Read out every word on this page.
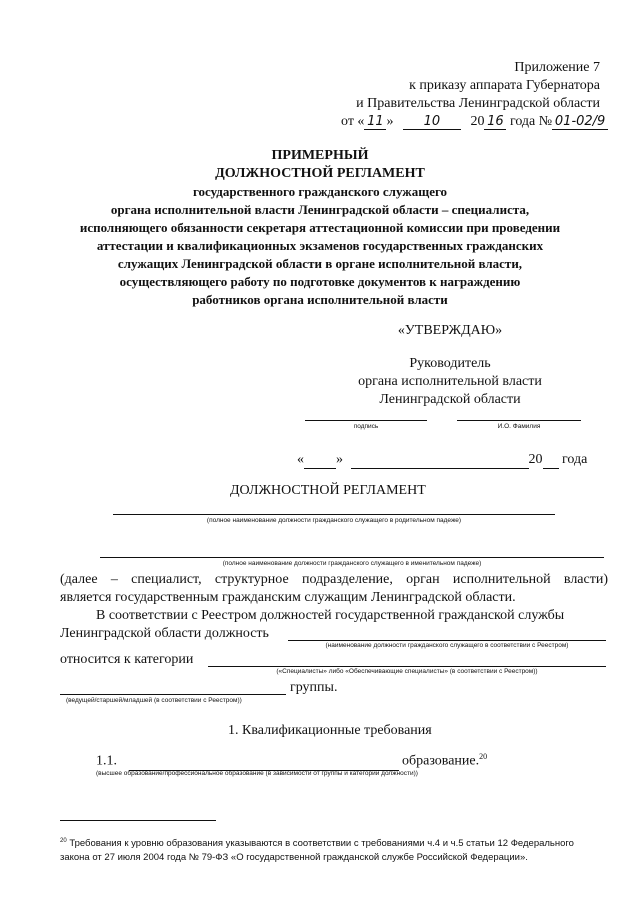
Приложение 7
к приказу аппарата Губернатора
и Правительства Ленинградской области
от « 11 » 10 20 16 года № 01-02/9
ПРИМЕРНЫЙ
ДОЛЖНОСТНОЙ РЕГЛАМЕНТ
государственного гражданского служащего
органа исполнительной власти Ленинградской области – специалиста,
исполняющего обязанности секретаря аттестационной комиссии при проведении
аттестации и квалификационных экзаменов государственных гражданских
служащих Ленинградской области в органе исполнительной власти,
осуществляющего работу по подготовке документов к награждению
работников органа исполнительной власти
«УТВЕРЖДАЮ»
Руководитель
органа исполнительной власти
Ленинградской области
подпись	И.О. Фамилия
« »	20 года
ДОЛЖНОСТНОЙ РЕГЛАМЕНТ
(полное наименование должности гражданского служащего в родительном падеже)
(полное наименование должности гражданского служащего в именительном падеже)
(далее – специалист, структурное подразделение, орган исполнительной власти)
является государственным гражданским служащим Ленинградской области.
В соответствии с Реестром должностей государственной гражданской службы
Ленинградской области должность
(наименование должности гражданского служащего в соответствии с Реестром)
относится к категории
(«Специалисты» либо «Обеспечивающие специалисты» (в соответствии с Реестром))
группы.
(ведущей/старшей/младшей (в соответствии с Реестром))
1. Квалификационные требования
1.1.	образование.$^{20}$
(высшее образование/профессиональное образование (в зависимости от группы и категории должности))
$^{20}$ Требования к уровню образования указываются в соответствии с требованиями ч.4 и ч.5 статьи 12 Федерального
закона от 27 июля 2004 года № 79-ФЗ «О государственной гражданской службе Российской Федерации».
